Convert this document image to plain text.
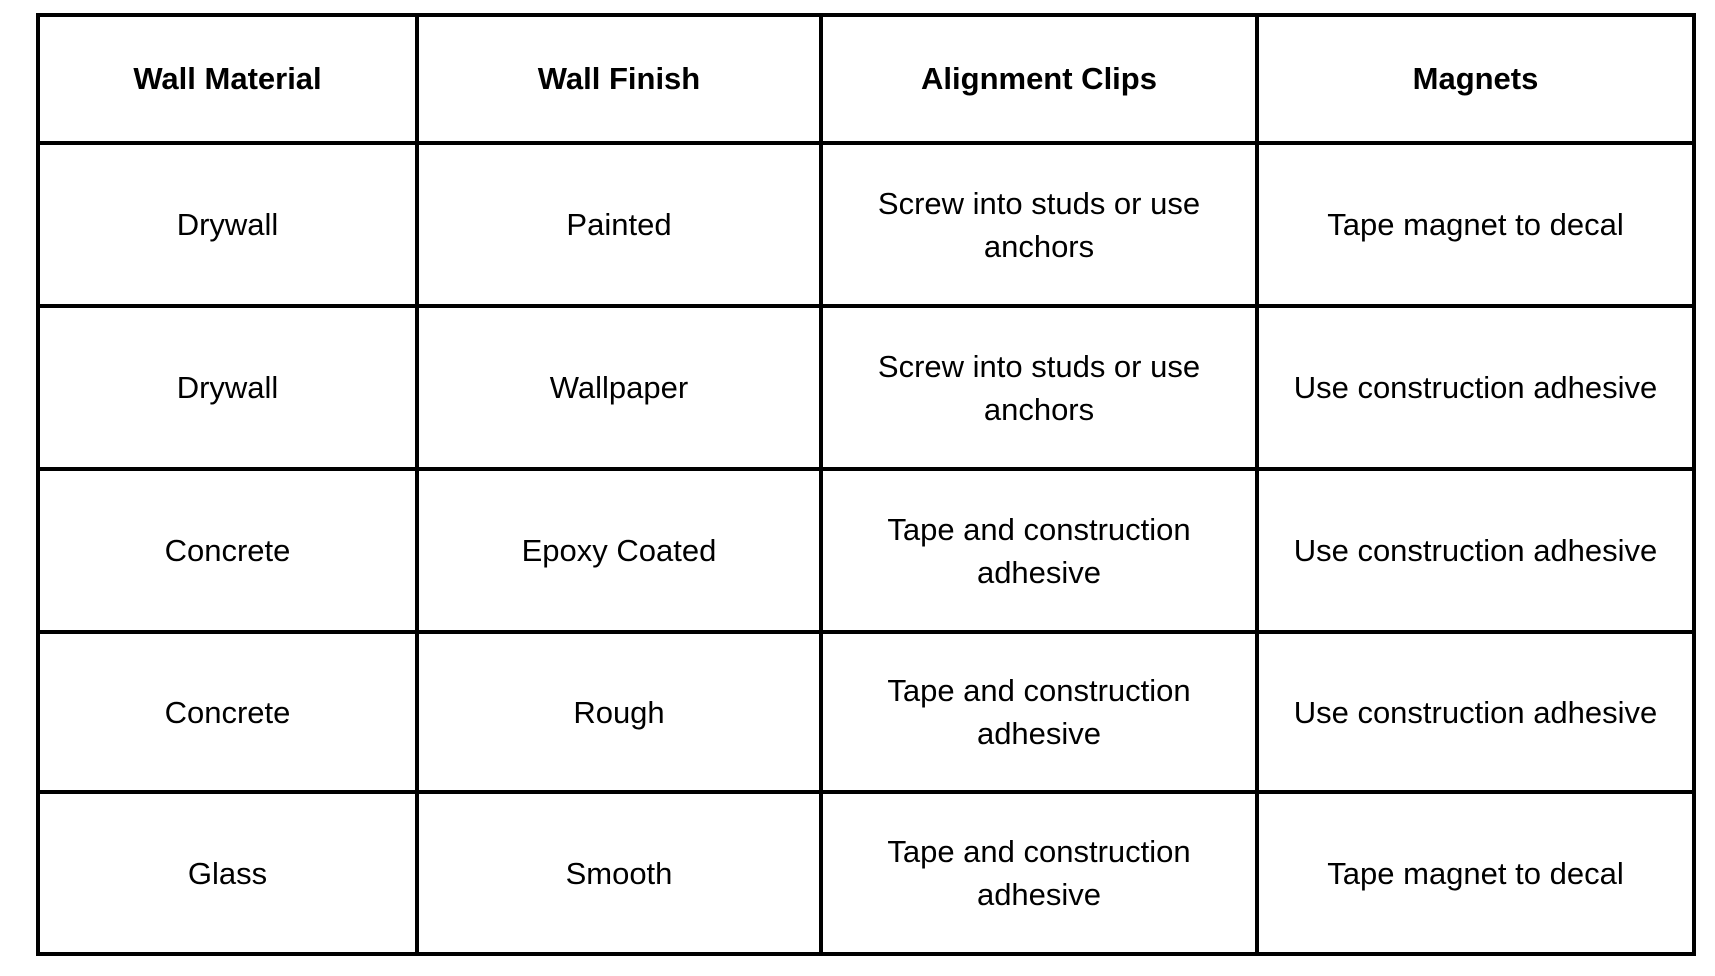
Wall Material	Wall Finish	Alignment Clips	Magnets
Drywall	Painted	Screw into studs or use anchors	Tape magnet to decal
Drywall	Wallpaper	Screw into studs or use anchors	Use construction adhesive
Concrete	Epoxy Coated	Tape and construction adhesive	Use construction adhesive
Concrete	Rough	Tape and construction adhesive	Use construction adhesive
Glass	Smooth	Tape and construction adhesive	Tape magnet to decal
